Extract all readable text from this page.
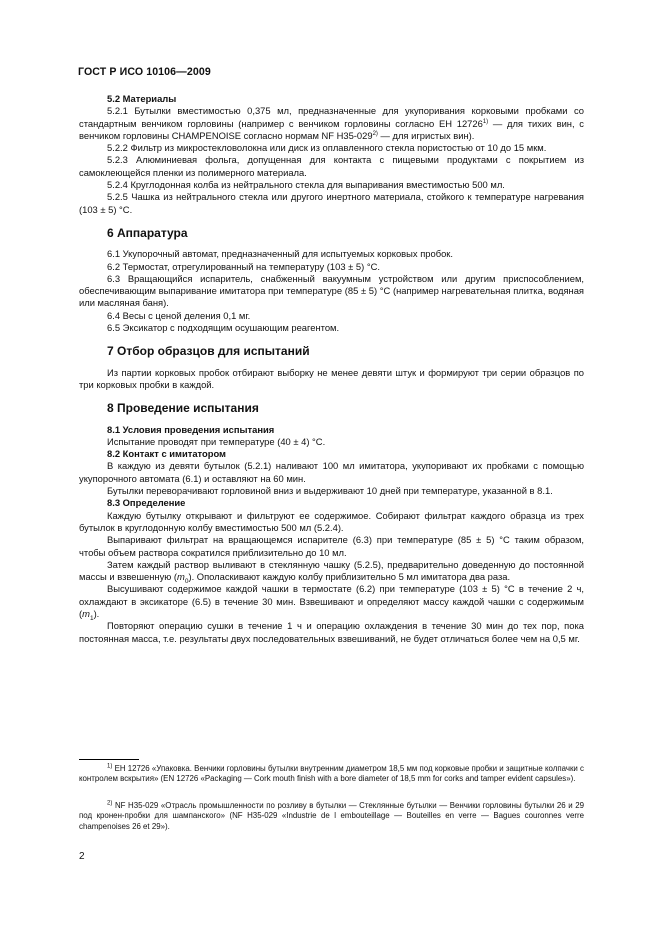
ГОСТ Р ИСО 10106—2009

5.2 Материалы

5.2.1 Бутылки вместимостью 0,375 мл, предназначенные для укупоривания корковыми пробками со стандартным венчиком горловины (например с венчиком горловины согласно ЕН 12726$^{1)}$ — для тихих вин, с венчиком горловины CHAMPENOISE согласно нормам NF Н35-029$^{2)}$ — для игристых вин).

5.2.2 Фильтр из микростекловолокна или диск из оплавленного стекла пористостью от 10 до 15 мкм.

5.2.3 Алюминиевая фольга, допущенная для контакта с пищевыми продуктами с покрытием из самоклеющейся пленки из полимерного материала.

5.2.4 Круглодонная колба из нейтрального стекла для выпаривания вместимостью 500 мл.

5.2.5 Чашка из нейтрального стекла или другого инертного материала, стойкого к температуре нагревания (103 ± 5) °С.

6 Аппаратура

6.1 Укупорочный автомат, предназначенный для испытуемых корковых пробок.

6.2 Термостат, отрегулированный на температуру (103 ± 5) °С.

6.3 Вращающийся испаритель, снабженный вакуумным устройством или другим приспособлением, обеспечивающим выпаривание имитатора при температуре (85 ± 5) °С (например нагревательная плитка, водяная или масляная баня).

6.4 Весы с ценой деления 0,1 мг.

6.5 Эксикатор с подходящим осушающим реагентом.

7 Отбор образцов для испытаний

Из партии корковых пробок отбирают выборку не менее девяти штук и формируют три серии образцов по три корковых пробки в каждой.

8 Проведение испытания

8.1 Условия проведения испытания

Испытание проводят при температуре (40 ± 4) °С.

8.2 Контакт с имитатором

В каждую из девяти бутылок (5.2.1) наливают 100 мл имитатора, укупоривают их пробками с помощью укупорочного автомата (6.1) и оставляют на 60 мин.

Бутылки переворачивают горловиной вниз и выдерживают 10 дней при температуре, указанной в 8.1.

8.3 Определение

Каждую бутылку открывают и фильтруют ее содержимое. Собирают фильтрат каждого образца из трех бутылок в круглодонную колбу вместимостью 500 мл (5.2.4).

Выпаривают фильтрат на вращающемся испарителе (6.3) при температуре (85 ± 5) °С таким образом, чтобы объем раствора сократился приблизительно до 10 мл.

Затем каждый раствор выливают в стеклянную чашку (5.2.5), предварительно доведенную до постоянной массы и взвешенную $(m_0)$. Ополаскивают каждую колбу приблизительно 5 мл имитатора два раза.

Высушивают содержимое каждой чашки в термостате (6.2) при температуре (103 ± 5) °С в течение 2 ч, охлаждают в эксикаторе (6.5) в течение 30 мин. Взвешивают и определяют массу каждой чашки с содержимым $(m_1)$.

Повторяют операцию сушки в течение 1 ч и операцию охлаждения в течение 30 мин до тех пор, пока постоянная масса, т.е. результаты двух последовательных взвешиваний, не будет отличаться более чем на 0,5 мг.

$^{1)}$ ЕН 12726 «Упаковка. Венчики горловины бутылки внутренним диаметром 18,5 мм под корковые пробки и защитные колпачки с контролем вскрытия» (EN 12726 «Packaging — Cork mouth finish with a bore diameter of 18,5 mm for corks and tamper evident capsules»).

$^{2)}$ NF Н35-029 «Отрасль промышленности по розливу в бутылки — Стеклянные бутылки — Венчики горловины бутылки 26 и 29 под кронен-пробки для шампанского» (NF Н35-029 «Industrie de l embouteillage — Bouteilles en verre — Bagues couronnes verre champenoises 26 et 29»).

2
